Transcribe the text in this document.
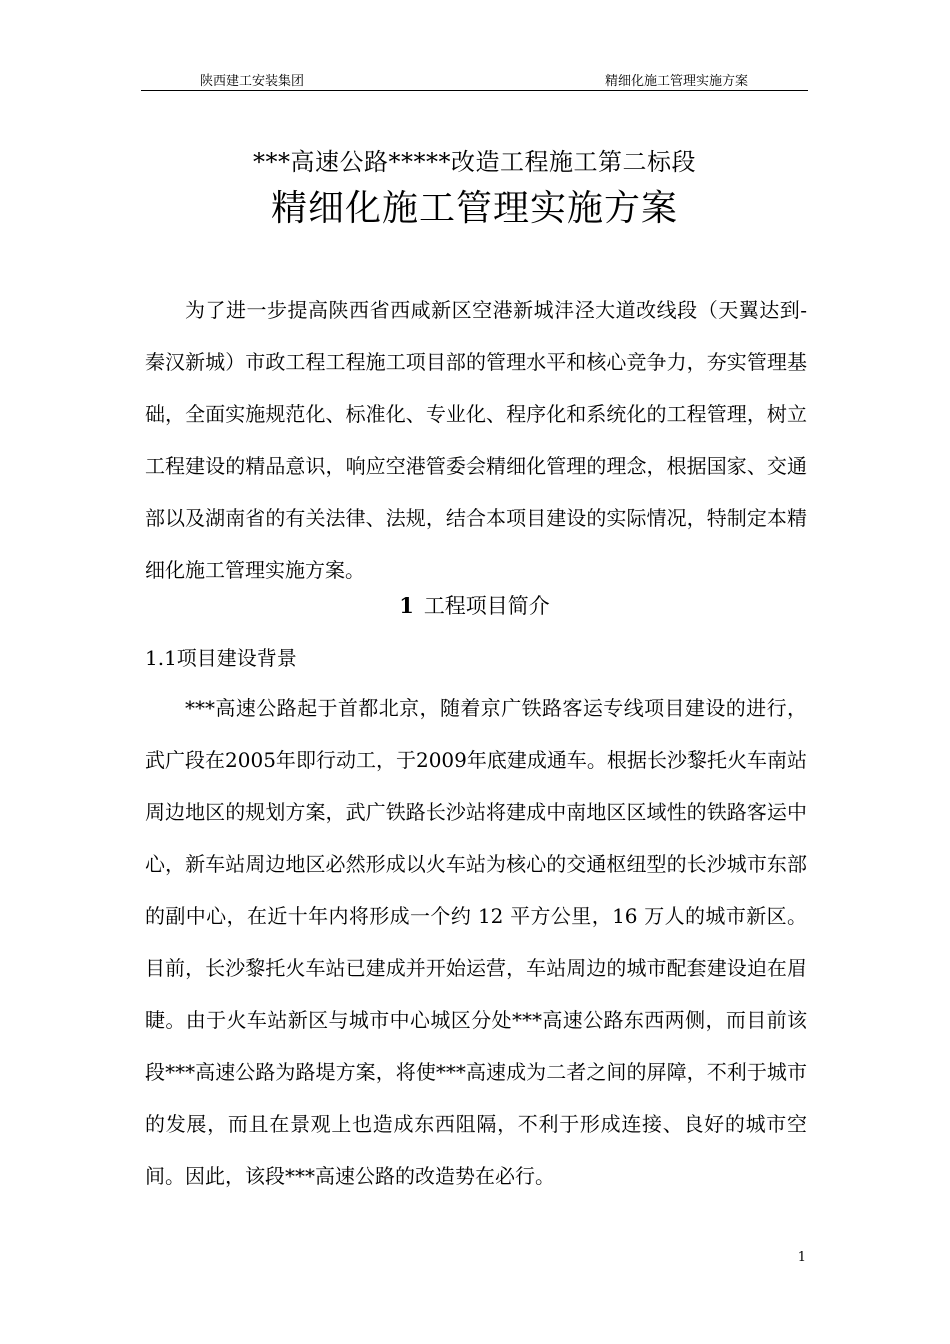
陕西建工安装集团	精细化施工管理实施方案
***高速公路*****改造工程施工第二标段
精细化施工管理实施方案

为了进一步提高陕西省西咸新区空港新城沣泾大道改线段（天翼达到-秦汉新城）市政工程工程施工项目部的管理水平和核心竞争力，夯实管理基础，全面实施规范化、标准化、专业化、程序化和系统化的工程管理，树立工程建设的精品意识，响应空港管委会精细化管理的理念，根据国家、交通部以及湖南省的有关法律、法规，结合本项目建设的实际情况，特制定本精细化施工管理实施方案。

1 工程项目简介
1.1项目建设背景

***高速公路起于首都北京，随着京广铁路客运专线项目建设的进行，武广段在2005年即行动工，于2009年底建成通车。根据长沙黎托火车南站周边地区的规划方案，武广铁路长沙站将建成中南地区区域性的铁路客运中心，新车站周边地区必然形成以火车站为核心的交通枢纽型的长沙城市东部的副中心，在近十年内将形成一个约 12 平方公里，16 万人的城市新区。目前，长沙黎托火车站已建成并开始运营，车站周边的城市配套建设迫在眉睫。由于火车站新区与城市中心城区分处***高速公路东西两侧，而目前该段***高速公路为路堤方案，将使***高速成为二者之间的屏障，不利于城市的发展，而且在景观上也造成东西阻隔，不利于形成连接、良好的城市空间。因此，该段***高速公路的改造势在必行。

1
